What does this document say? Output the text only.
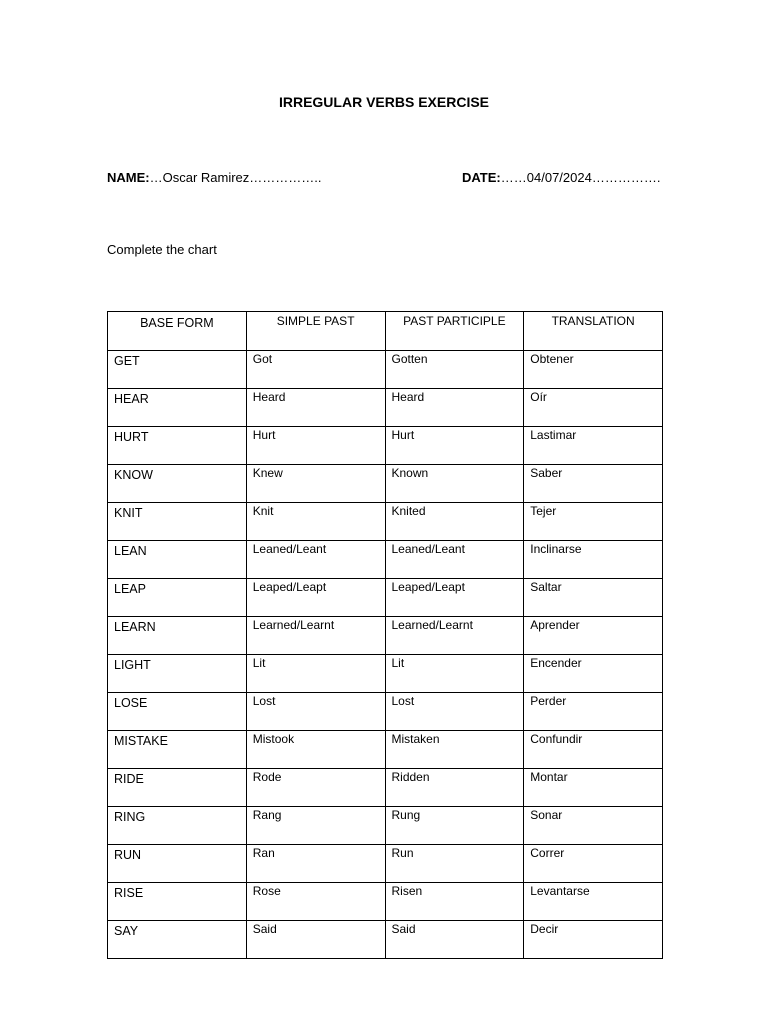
IRREGULAR VERBS EXERCISE
NAME:…Oscar Ramirez……………..	DATE:……04/07/2024…………….
Complete the chart
BASE FORM	SIMPLE PAST	PAST PARTICIPLE	TRANSLATION
GET	Got	Gotten	Obtener
HEAR	Heard	Heard	Oír
HURT	Hurt	Hurt	Lastimar
KNOW	Knew	Known	Saber
KNIT	Knit	Knited	Tejer
LEAN	Leaned/Leant	Leaned/Leant	Inclinarse
LEAP	Leaped/Leapt	Leaped/Leapt	Saltar
LEARN	Learned/Learnt	Learned/Learnt	Aprender
LIGHT	Lit	Lit	Encender
LOSE	Lost	Lost	Perder
MISTAKE	Mistook	Mistaken	Confundir
RIDE	Rode	Ridden	Montar
RING	Rang	Rung	Sonar
RUN	Ran	Run	Correr
RISE	Rose	Risen	Levantarse
SAY	Said	Said	Decir
